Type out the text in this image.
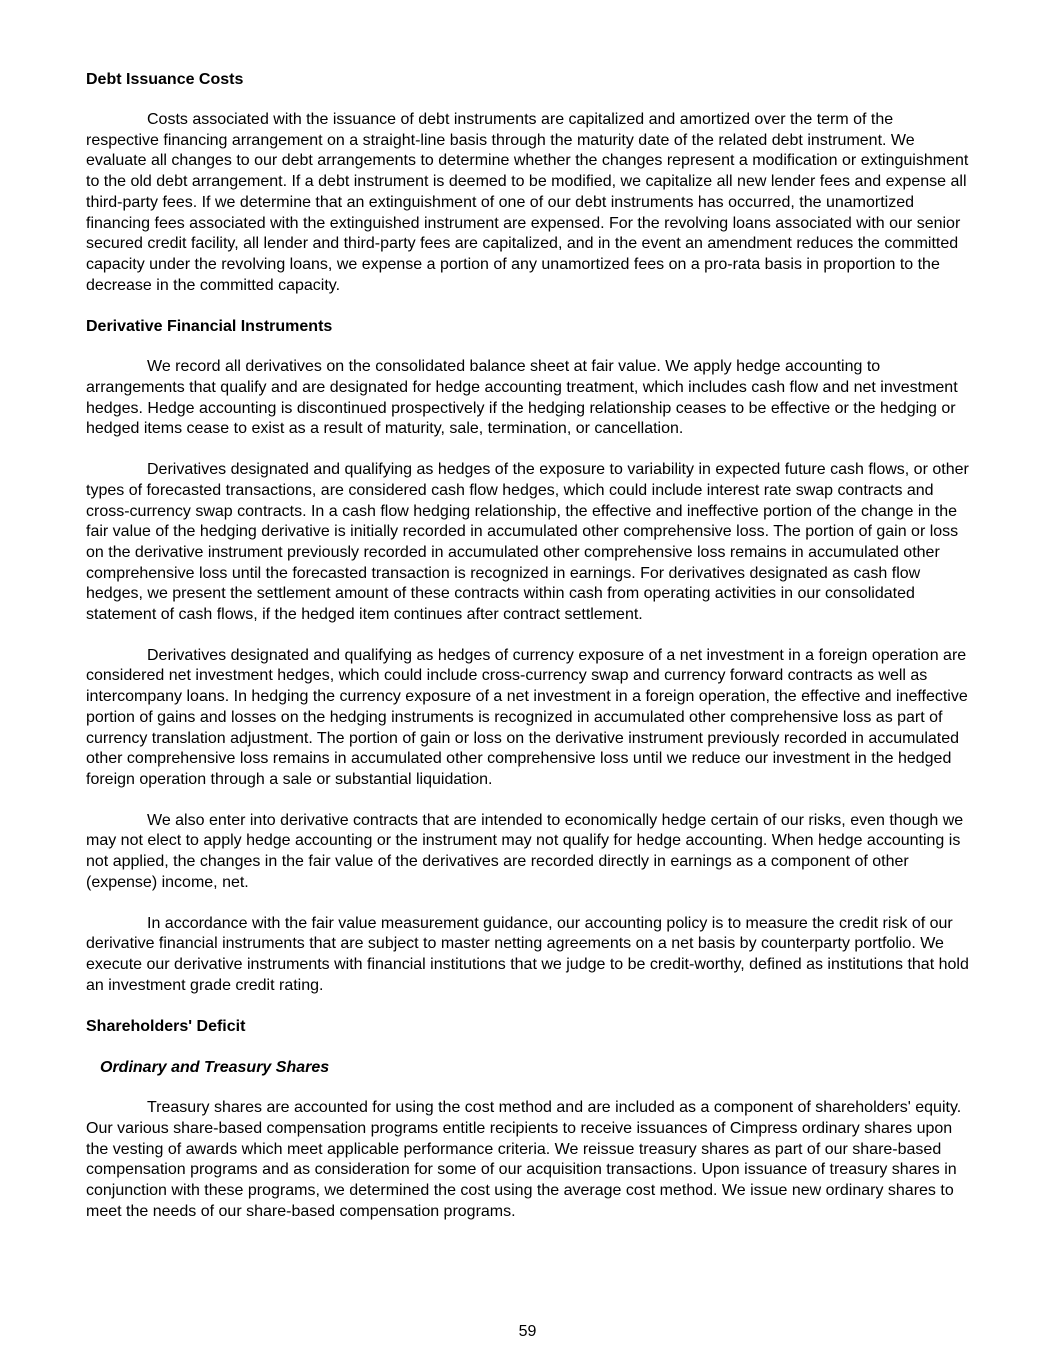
Debt Issuance Costs

Costs associated with the issuance of debt instruments are capitalized and amortized over the term of the respective financing arrangement on a straight-line basis through the maturity date of the related debt instrument. We evaluate all changes to our debt arrangements to determine whether the changes represent a modification or extinguishment to the old debt arrangement. If a debt instrument is deemed to be modified, we capitalize all new lender fees and expense all third-party fees. If we determine that an extinguishment of one of our debt instruments has occurred, the unamortized financing fees associated with the extinguished instrument are expensed. For the revolving loans associated with our senior secured credit facility, all lender and third-party fees are capitalized, and in the event an amendment reduces the committed capacity under the revolving loans, we expense a portion of any unamortized fees on a pro-rata basis in proportion to the decrease in the committed capacity.

Derivative Financial Instruments

We record all derivatives on the consolidated balance sheet at fair value. We apply hedge accounting to arrangements that qualify and are designated for hedge accounting treatment, which includes cash flow and net investment hedges. Hedge accounting is discontinued prospectively if the hedging relationship ceases to be effective or the hedging or hedged items cease to exist as a result of maturity, sale, termination, or cancellation.

Derivatives designated and qualifying as hedges of the exposure to variability in expected future cash flows, or other types of forecasted transactions, are considered cash flow hedges, which could include interest rate swap contracts and cross-currency swap contracts. In a cash flow hedging relationship, the effective and ineffective portion of the change in the fair value of the hedging derivative is initially recorded in accumulated other comprehensive loss. The portion of gain or loss on the derivative instrument previously recorded in accumulated other comprehensive loss remains in accumulated other comprehensive loss until the forecasted transaction is recognized in earnings. For derivatives designated as cash flow hedges, we present the settlement amount of these contracts within cash from operating activities in our consolidated statement of cash flows, if the hedged item continues after contract settlement.

Derivatives designated and qualifying as hedges of currency exposure of a net investment in a foreign operation are considered net investment hedges, which could include cross-currency swap and currency forward contracts as well as intercompany loans. In hedging the currency exposure of a net investment in a foreign operation, the effective and ineffective portion of gains and losses on the hedging instruments is recognized in accumulated other comprehensive loss as part of currency translation adjustment. The portion of gain or loss on the derivative instrument previously recorded in accumulated other comprehensive loss remains in accumulated other comprehensive loss until we reduce our investment in the hedged foreign operation through a sale or substantial liquidation.

We also enter into derivative contracts that are intended to economically hedge certain of our risks, even though we may not elect to apply hedge accounting or the instrument may not qualify for hedge accounting. When hedge accounting is not applied, the changes in the fair value of the derivatives are recorded directly in earnings as a component of other (expense) income, net.

In accordance with the fair value measurement guidance, our accounting policy is to measure the credit risk of our derivative financial instruments that are subject to master netting agreements on a net basis by counterparty portfolio. We execute our derivative instruments with financial institutions that we judge to be credit-worthy, defined as institutions that hold an investment grade credit rating.

Shareholders' Deficit
Ordinary and Treasury Shares

Treasury shares are accounted for using the cost method and are included as a component of shareholders' equity. Our various share-based compensation programs entitle recipients to receive issuances of Cimpress ordinary shares upon the vesting of awards which meet applicable performance criteria. We reissue treasury shares as part of our share-based compensation programs and as consideration for some of our acquisition transactions. Upon issuance of treasury shares in conjunction with these programs, we determined the cost using the average cost method. We issue new ordinary shares to meet the needs of our share-based compensation programs.

59
